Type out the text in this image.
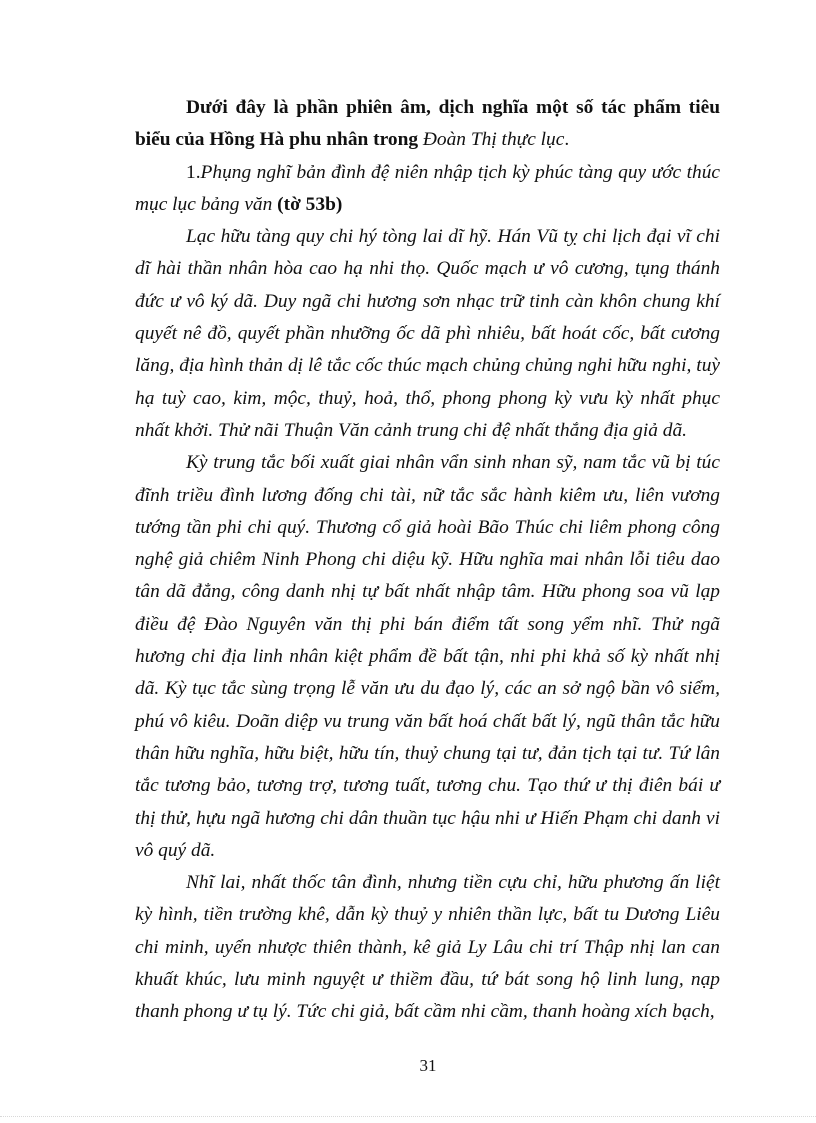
Dưới đây là phần phiên âm, dịch nghĩa một số tác phẩm tiêu biểu của Hồng Hà phu nhân trong Đoàn Thị thực lục.

1.Phụng nghĩ bản đình đệ niên nhập tịch kỳ phúc tàng quy ước thúc mục lục bảng văn (tờ 53b)

Lạc hữu tàng quy chi hý tòng lai dĩ hỹ. Hán Vũ tỵ chi lịch đại vĩ chi dĩ hài thần nhân hòa cao hạ nhi thọ. Quốc mạch ư vô cương, tụng thánh đức ư vô ký dã. Duy ngã chi hương sơn nhạc trữ tinh càn khôn chung khí quyết nê đồ, quyết phần nhưỡng ốc dã phì nhiêu, bất hoát cốc, bất cương lăng, địa hình thản dị lê tắc cốc thúc mạch chủng chủng nghi hữu nghi, tuỳ hạ tuỳ cao, kim, mộc, thuỷ, hoả, thổ, phong phong kỳ vưu kỳ nhất phục nhất khởi. Thử nãi Thuận Văn cảnh trung chi đệ nhất thắng địa giả dã.

Kỳ trung tắc bối xuất giai nhân vẩn sinh nhan sỹ, nam tắc vũ bị túc đĩnh triều đình lương đống chi tài, nữ tắc sắc hành kiêm ưu, liên vương tướng tần phi chi quý. Thương cổ giả hoài Bão Thúc chi liêm phong công nghệ giả chiêm Ninh Phong chi diệu kỹ. Hữu nghĩa mai nhân lỗi tiêu dao tân dã đẳng, công danh nhị tự bất nhất nhập tâm. Hữu phong soa vũ lạp điều đệ Đào Nguyên văn thị phi bán điểm tất song yểm nhĩ. Thử ngã hương chi địa linh nhân kiệt phẩm đề bất tận, nhi phi khả số kỳ nhất nhị dã. Kỳ tục tắc sùng trọng lễ văn ưu du đạo lý, các an sở ngộ bần vô siểm, phú vô kiêu. Doãn diệp vu trung văn bất hoá chất bất lý, ngũ thân tắc hữu thân hữu nghĩa, hữu biệt, hữu tín, thuỷ chung tại tư, đản tịch tại tư. Tứ lân tắc tương bảo, tương trợ, tương tuất, tương chu. Tạo thứ ư thị điên bái ư thị thử, hựu ngã hương chi dân thuần tục hậu nhi ư Hiến Phạm chi danh vi vô quý dã.

Nhĩ lai, nhất thốc tân đình, nhưng tiền cựu chỉ, hữu phương ấn liệt kỳ hình, tiền trường khê, dẫn kỳ thuỷ y nhiên thần lực, bất tu Dương Liêu chi minh, uyển nhược thiên thành, kê giả Ly Lâu chi trí Thập nhị lan can khuất khúc, lưu minh nguyệt ư thiềm đầu, tứ bát song hộ linh lung, nạp thanh phong ư tụ lý. Tức chi giả, bất cầm nhi cầm, thanh hoàng xích bạch,

31
